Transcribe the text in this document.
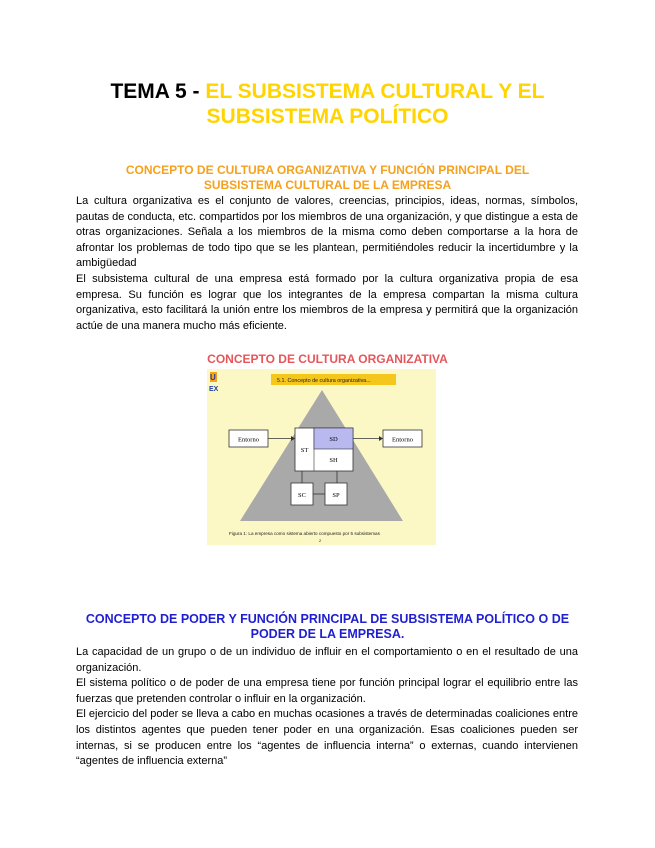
TEMA 5 - EL SUBSISTEMA CULTURAL Y EL
SUBSISTEMA POLÍTICO
CONCEPTO DE CULTURA ORGANIZATIVA Y FUNCIÓN PRINCIPAL DEL
SUBSISTEMA CULTURAL DE LA EMPRESA

La cultura organizativa es el conjunto de valores, creencias, principios, ideas, normas, símbolos, pautas de conducta, etc. compartidos por los miembros de una organización, y que distingue a esta de otras organizaciones. Señala a los miembros de la misma como deben comportarse a la hora de afrontar los problemas de todo tipo que se les plantean, permitiéndoles reducir la incertidumbre y la ambigüedad

El subsistema cultural de una empresa está formado por la cultura organizativa propia de esa empresa. Su función es lograr que los integrantes de la empresa compartan la misma cultura organizativa, esto facilitará la unión entre los miembros de la empresa y permitirá que la organización actúe de una manera mucho más eficiente.

CONCEPTO DE CULTURA ORGANIZATIVA
U
EX
5.1. Concepto de cultura organizativa...
Entorno	Entorno
ST
SD
SH
SC	SP
Figura 1: La empresa como sistema abierto compuesto por 5 subsistemas
2
CONCEPTO DE PODER Y FUNCIÓN PRINCIPAL DE SUBSISTEMA POLÍTICO O DE
PODER DE LA EMPRESA.

La capacidad de un grupo o de un individuo de influir en el comportamiento o en el resultado de una organización.

El sistema político o de poder de una empresa tiene por función principal lograr el equilibrio entre las fuerzas que pretenden controlar o influir en la organización.

El ejercicio del poder se lleva a cabo en muchas ocasiones a través de determinadas coaliciones entre los distintos agentes que pueden tener poder en una organización. Esas coaliciones pueden ser internas, si se producen entre los “agentes de influencia interna” o externas, cuando intervienen “agentes de influencia externa”
